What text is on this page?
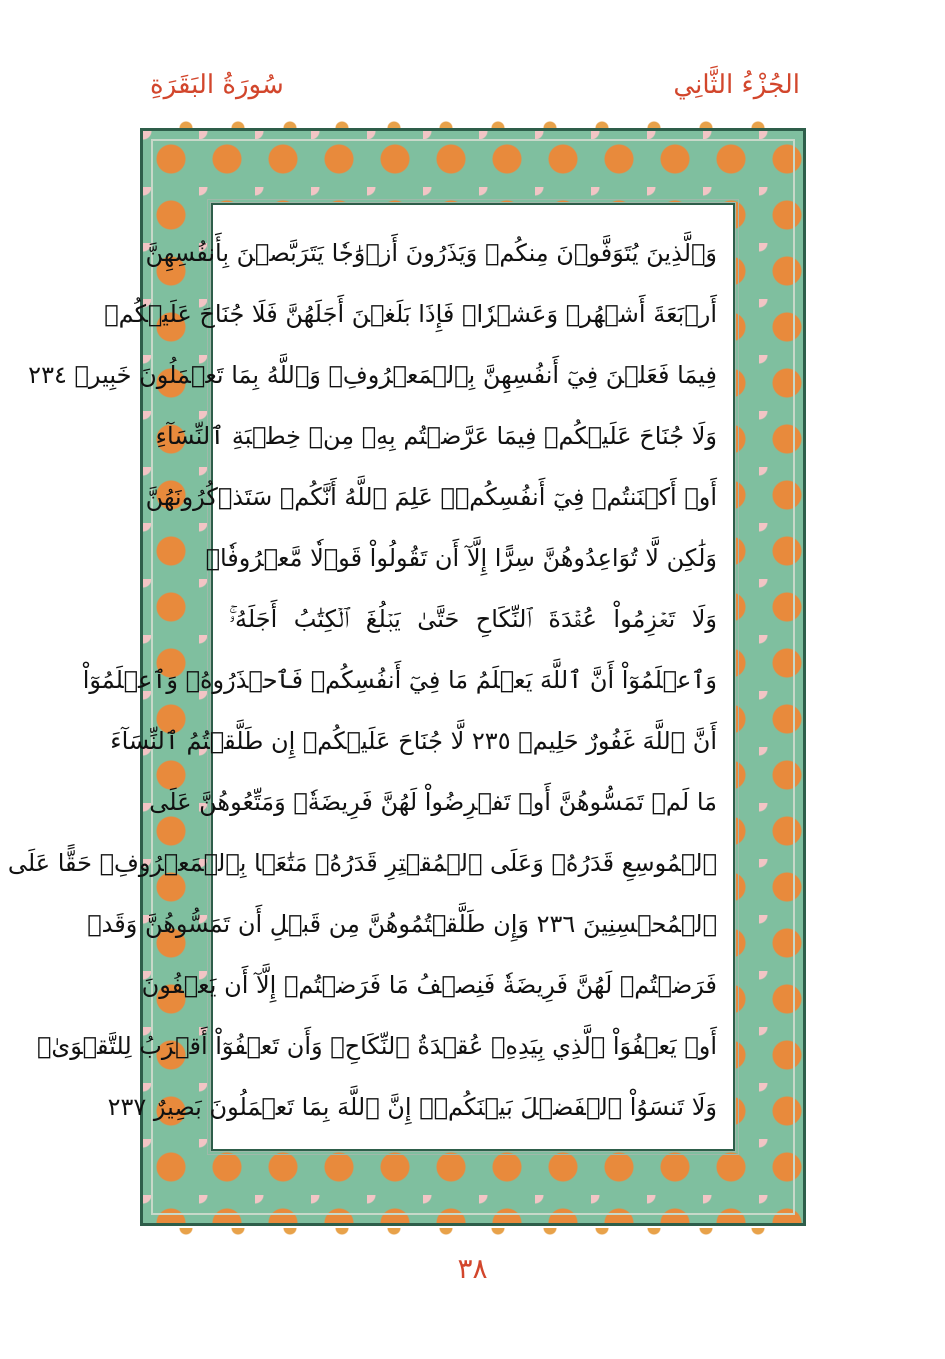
الجُزْءُ الثَّانِي
سُورَةُ البَقَرَةِ
وَٱلَّذِينَ يُتَوَفَّوۡنَ مِنكُمۡ وَيَذَرُونَ أَزۡوَٰجٗا يَتَرَبَّصۡنَ بِأَنفُسِهِنَّ
أَرۡبَعَةَ أَشۡهُرٖ وَعَشۡرٗاۖ فَإِذَا بَلَغۡنَ أَجَلَهُنَّ فَلَا جُنَاحَ عَلَيۡكُمۡ
فِيمَا فَعَلۡنَ فِيٓ أَنفُسِهِنَّ بِٱلۡمَعۡرُوفِۗ وَٱللَّهُ بِمَا تَعۡمَلُونَ خَبِيرٞ ٢٣٤
وَلَا جُنَاحَ عَلَيۡكُمۡ فِيمَا عَرَّضۡتُم بِهِۦ مِنۡ خِطۡبَةِ ٱلنِّسَآءِ
أَوۡ أَكۡنَنتُمۡ فِيٓ أَنفُسِكُمۡۚ عَلِمَ ٱللَّهُ أَنَّكُمۡ سَتَذۡكُرُونَهُنَّ
وَلَٰكِن لَّا تُوَاعِدُوهُنَّ سِرًّا إِلَّآ أَن تَقُولُواْ قَوۡلٗا مَّعۡرُوفٗاۚ
وَلَا تَعۡزِمُواْ عُقۡدَةَ ٱلنِّكَاحِ حَتَّىٰ يَبۡلُغَ ٱلۡكِتَٰبُ أَجَلَهُۥۚ
وَٱعۡلَمُوٓاْ أَنَّ ٱللَّهَ يَعۡلَمُ مَا فِيٓ أَنفُسِكُمۡ فَٱحۡذَرُوهُۚ وَٱعۡلَمُوٓاْ
أَنَّ ٱللَّهَ غَفُورٌ حَلِيمٞ ٢٣٥ لَّا جُنَاحَ عَلَيۡكُمۡ إِن طَلَّقۡتُمُ ٱلنِّسَآءَ
مَا لَمۡ تَمَسُّوهُنَّ أَوۡ تَفۡرِضُواْ لَهُنَّ فَرِيضَةٗۚ وَمَتِّعُوهُنَّ عَلَى
ٱلۡمُوسِعِ قَدَرُهُۥ وَعَلَى ٱلۡمُقۡتِرِ قَدَرُهُۥ مَتَٰعَۢا بِٱلۡمَعۡرُوفِۖ حَقًّا عَلَى
ٱلۡمُحۡسِنِينَ ٢٣٦ وَإِن طَلَّقۡتُمُوهُنَّ مِن قَبۡلِ أَن تَمَسُّوهُنَّ وَقَدۡ
فَرَضۡتُمۡ لَهُنَّ فَرِيضَةٗ فَنِصۡفُ مَا فَرَضۡتُمۡ إِلَّآ أَن يَعۡفُونَ
أَوۡ يَعۡفُوَاْ ٱلَّذِي بِيَدِهِۦ عُقۡدَةُ ٱلنِّكَاحِۚ وَأَن تَعۡفُوٓاْ أَقۡرَبُ لِلتَّقۡوَىٰۚ
وَلَا تَنسَوُاْ ٱلۡفَضۡلَ بَيۡنَكُمۡۚ إِنَّ ٱللَّهَ بِمَا تَعۡمَلُونَ بَصِيرٌ ٢٣٧
٣٨
